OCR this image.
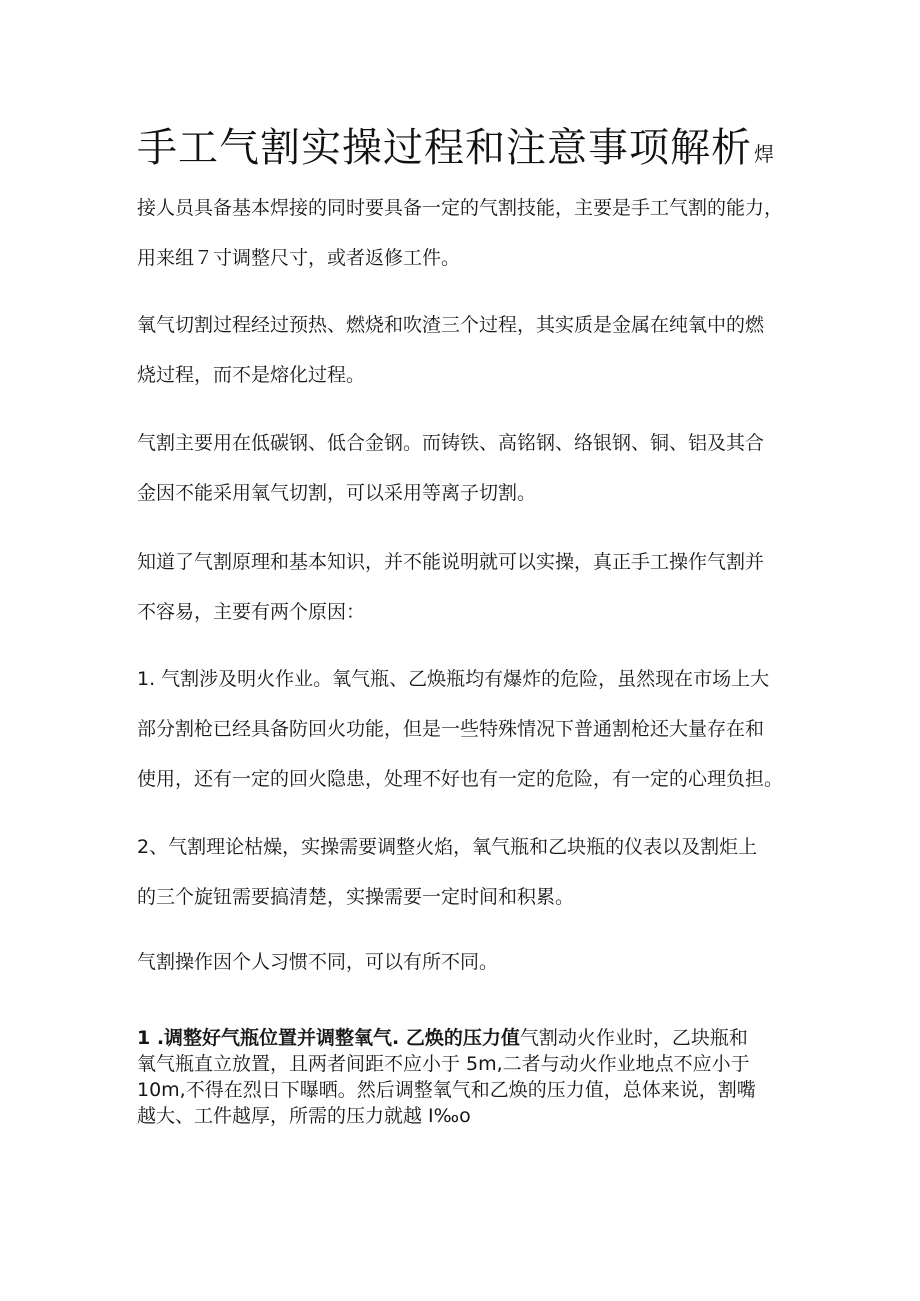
手工气割实操过程和注意事项解析 焊

接人员具备基本焊接的同时要具备一定的气割技能，主要是手工气割的能力，
用来组７寸调整尺寸，或者返修工件。

氧气切割过程经过预热、燃烧和吹渣三个过程，其实质是金属在纯氧中的燃
烧过程，而不是熔化过程。

气割主要用在低碳钢、低合金钢。而铸铁、高铭钢、络银钢、铜、铝及其合
金因不能采用氧气切割，可以采用等离子切割。

知道了气割原理和基本知识，并不能说明就可以实操，真正手工操作气割并
不容易，主要有两个原因：

1. 气割涉及明火作业。氧气瓶、乙焕瓶均有爆炸的危险，虽然现在市场上大
部分割枪已经具备防回火功能，但是一些特殊情况下普通割枪还大量存在和
使用，还有一定的回火隐患，处理不好也有一定的危险，有一定的心理负担。

2、气割理论枯燥，实操需要调整火焰，氧气瓶和乙块瓶的仪表以及割炬上
的三个旋钮需要搞清楚，实操需要一定时间和积累。

气割操作因个人习惯不同，可以有所不同。

1 .调整好气瓶位置并调整氧气. 乙焕的压力值气割动火作业时，乙块瓶和
氧气瓶直立放置，且两者间距不应小于 5m,二者与动火作业地点不应小于
10m,不得在烈日下曝晒。然后调整氧气和乙焕的压力值，总体来说，割嘴
越大、工件越厚，所需的压力就越 I‰o
